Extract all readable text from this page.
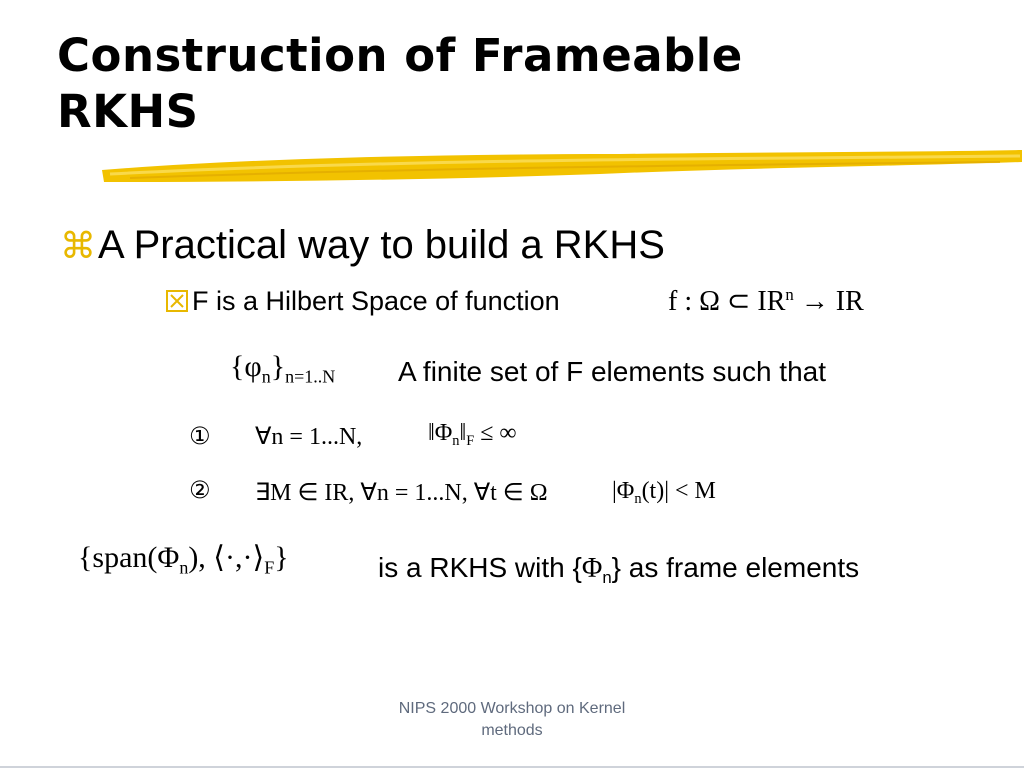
Construction of Frameable
RKHS
⌘A Practical way to build a RKHS
F is a Hilbert Space of function	f : Ω ⊂ $IR^n$ → IR
$\{\varphi_n\}_{n=1..N}$ A finite set of F elements such that
① ∀n = 1...N,	$‖\Phi_n‖_F$ ≤ ∞
② ∃M ∈ IR, ∀n = 1...N, ∀t ∈ Ω	$|\Phi_n(t)| < M$
{$span(\Phi_n)$, $⟨\cdot,\cdot⟩_F$}	is a RKHS with $\{\Phi_n\}$ as frame elements
NIPS 2000 Workshop on Kernel
methods
